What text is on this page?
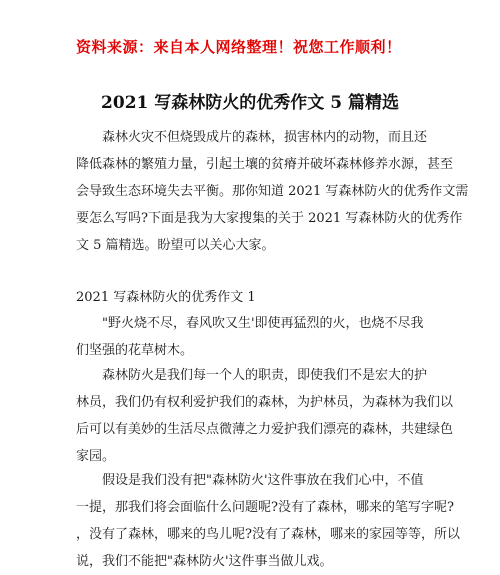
资料来源：来自本人网络整理！祝您工作顺利！
2021 写森林防火的优秀作文 5 篇精选
　　森林火灾不但烧毁成片的森林，损害林内的动物，而且还
降低森林的繁殖力量，引起土壤的贫瘠并破坏森林修养水源，甚至
会导致生态环境失去平衡。那你知道 2021 写森林防火的优秀作文需
要怎么写吗?下面是我为大家搜集的关于 2021 写森林防火的优秀作
文 5 篇精选。盼望可以关心大家。
2021 写森林防火的优秀作文 1
　　"野火烧不尽，春风吹又生'即使再猛烈的火，也烧不尽我
们坚强的花草树木。
　　森林防火是我们每一个人的职责，即使我们不是宏大的护
林员，我们仍有权利爱护我们的森林，为护林员，为森林为我们以
后可以有美妙的生活尽点微薄之力爱护我们漂亮的森林，共建绿色
家园。
　　假设是我们没有把"森林防火'这件事放在我们心中，不值
一提，那我们将会面临什么问题呢?没有了森林，哪来的笔写字呢?
，没有了森林，哪来的鸟儿呢?没有了森林，哪来的家园等等，所以
说，我们不能把"森林防火'这件事当做儿戏。
